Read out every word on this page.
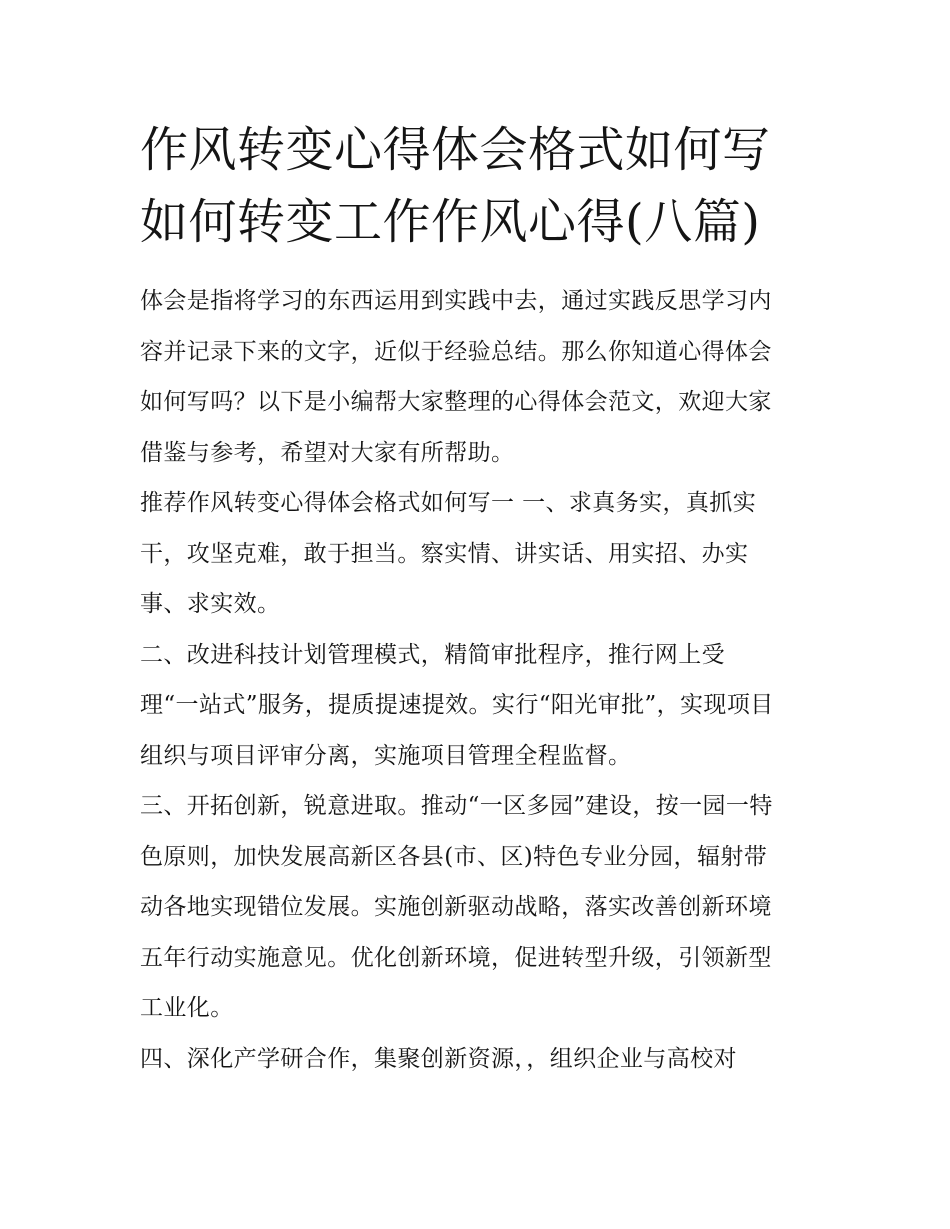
作风转变心得体会格式如何写
如何转变工作作风心得(八篇)

体会是指将学习的东西运用到实践中去，通过实践反思学习内
容并记录下来的文字，近似于经验总结。那么你知道心得体会
如何写吗？以下是小编帮大家整理的心得体会范文，欢迎大家
借鉴与参考，希望对大家有所帮助。

推荐作风转变心得体会格式如何写一 一、求真务实，真抓实
干，攻坚克难，敢于担当。察实情、讲实话、用实招、办实
事、求实效。

二、改进科技计划管理模式，精简审批程序，推行网上受
理“一站式”服务，提质提速提效。实行“阳光审批”，实现项目
组织与项目评审分离，实施项目管理全程监督。

三、开拓创新，锐意进取。推动“一区多园”建设，按一园一特
色原则，加快发展高新区各县(市、区)特色专业分园，辐射带
动各地实现错位发展。实施创新驱动战略，落实改善创新环境
五年行动实施意见。优化创新环境，促进转型升级，引领新型
工业化。

四、深化产学研合作，集聚创新资源，，组织企业与高校对
